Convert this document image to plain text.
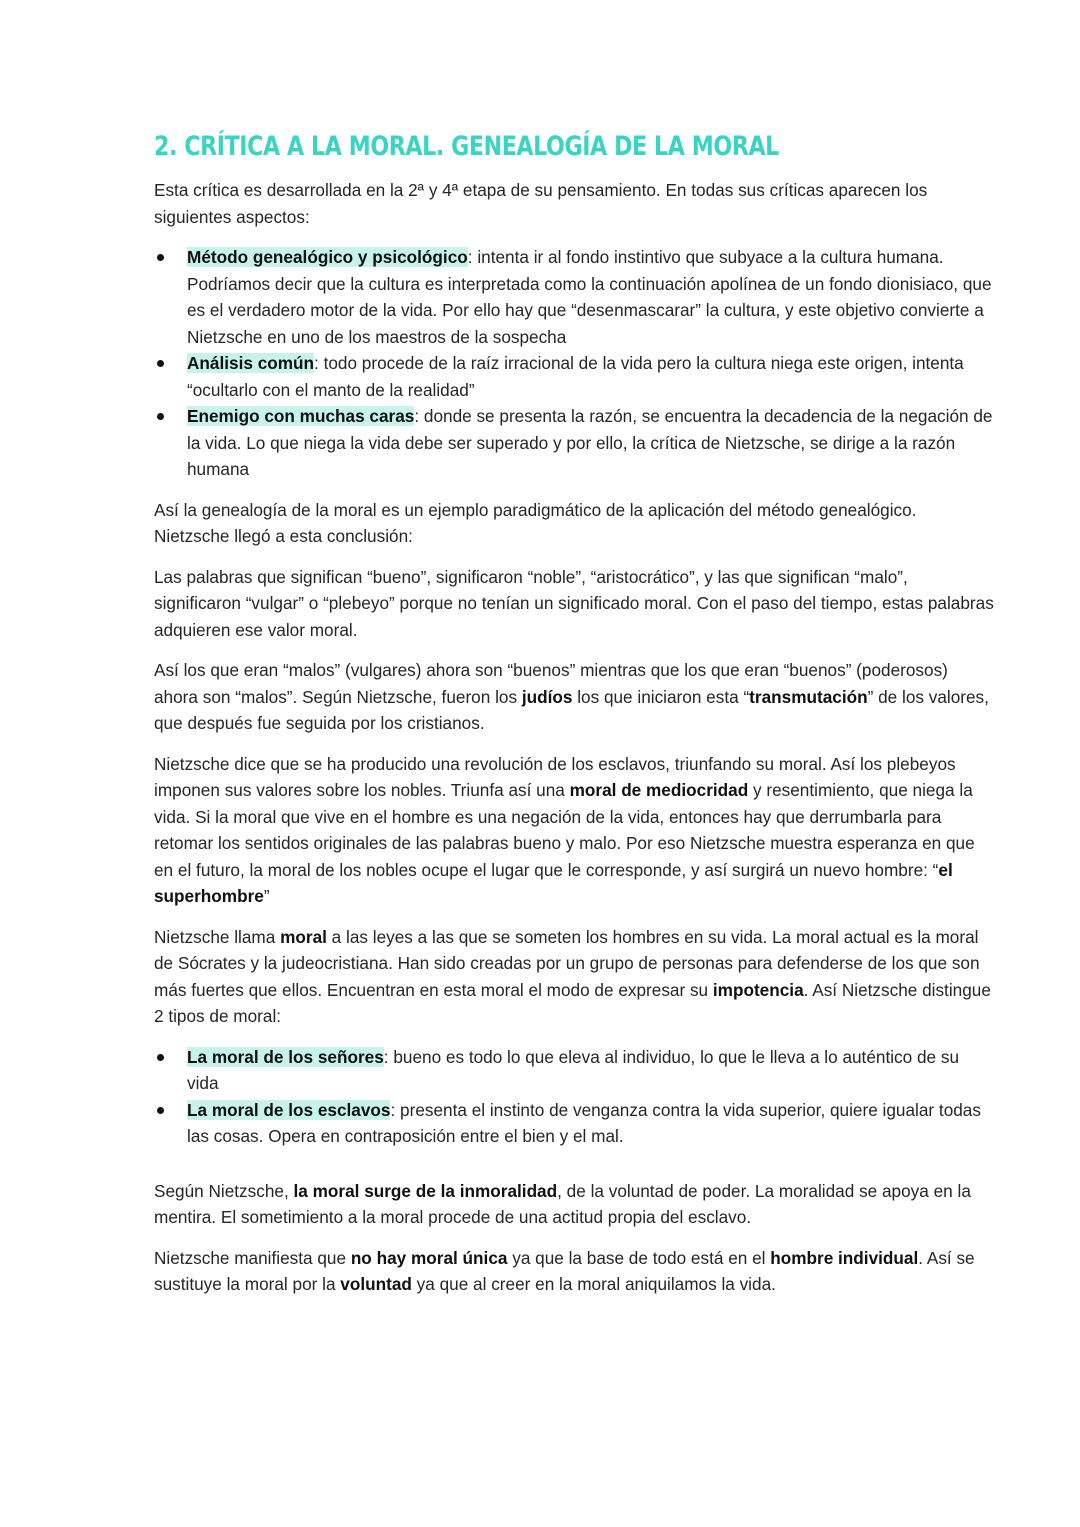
2. CRÍTICA A LA MORAL. GENEALOGÍA DE LA MORAL

Esta crítica es desarrollada en la 2ª y 4ª etapa de su pensamiento. En todas sus críticas aparecen los siguientes aspectos:

Método genealógico y psicológico: intenta ir al fondo instintivo que subyace a la cultura humana. Podríamos decir que la cultura es interpretada como la continuación apolínea de un fondo dionisiaco, que es el verdadero motor de la vida. Por ello hay que “desenmascarar” la cultura, y este objetivo convierte a Nietzsche en uno de los maestros de la sospecha
Análisis común: todo procede de la raíz irracional de la vida pero la cultura niega este origen, intenta “ocultarlo con el manto de la realidad”
Enemigo con muchas caras: donde se presenta la razón, se encuentra la decadencia de la negación de la vida. Lo que niega la vida debe ser superado y por ello, la crítica de Nietzsche, se dirige a la razón humana

Así la genealogía de la moral es un ejemplo paradigmático de la aplicación del método genealógico. Nietzsche llegó a esta conclusión:

Las palabras que significan “bueno”, significaron “noble”, “aristocrático”, y las que significan “malo”, significaron “vulgar” o “plebeyo” porque no tenían un significado moral. Con el paso del tiempo, estas palabras adquieren ese valor moral.

Así los que eran “malos” (vulgares) ahora son “buenos” mientras que los que eran “buenos” (poderosos) ahora son “malos”. Según Nietzsche, fueron los judíos los que iniciaron esta “transmutación” de los valores, que después fue seguida por los cristianos.

Nietzsche dice que se ha producido una revolución de los esclavos, triunfando su moral. Así los plebeyos imponen sus valores sobre los nobles. Triunfa así una moral de mediocridad y resentimiento, que niega la vida. Si la moral que vive en el hombre es una negación de la vida, entonces hay que derrumbarla para retomar los sentidos originales de las palabras bueno y malo. Por eso Nietzsche muestra esperanza en que en el futuro, la moral de los nobles ocupe el lugar que le corresponde, y así surgirá un nuevo hombre: “el superhombre”

Nietzsche llama moral a las leyes a las que se someten los hombres en su vida. La moral actual es la moral de Sócrates y la judeocristiana. Han sido creadas por un grupo de personas para defenderse de los que son más fuertes que ellos. Encuentran en esta moral el modo de expresar su impotencia. Así Nietzsche distingue 2 tipos de moral:

La moral de los señores: bueno es todo lo que eleva al individuo, lo que le lleva a lo auténtico de su vida
La moral de los esclavos: presenta el instinto de venganza contra la vida superior, quiere igualar todas las cosas. Opera en contraposición entre el bien y el mal.

Según Nietzsche, la moral surge de la inmoralidad, de la voluntad de poder. La moralidad se apoya en la mentira. El sometimiento a la moral procede de una actitud propia del esclavo.

Nietzsche manifiesta que no hay moral única ya que la base de todo está en el hombre individual. Así se sustituye la moral por la voluntad ya que al creer en la moral aniquilamos la vida.
